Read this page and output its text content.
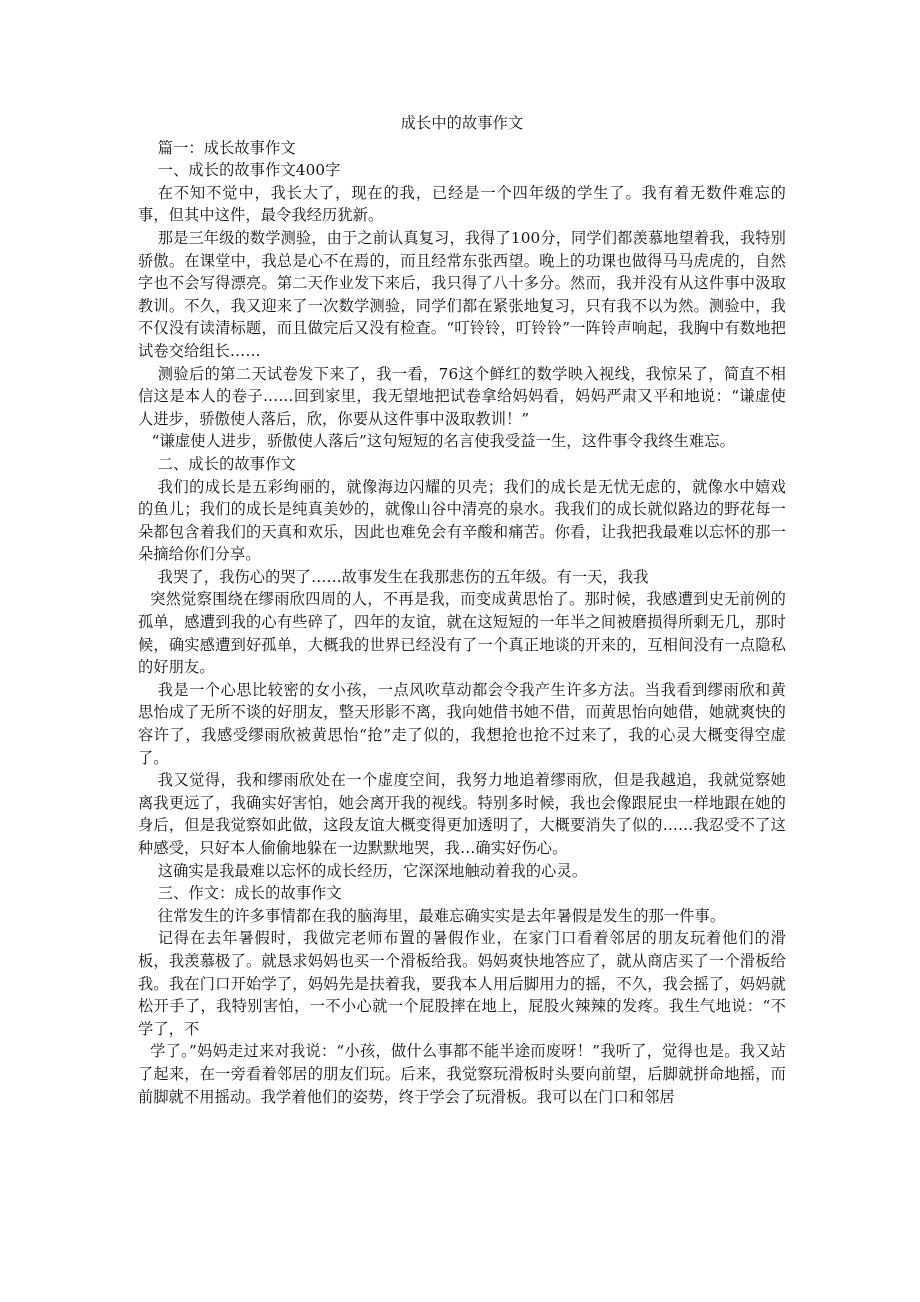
成长中的故事作文

篇一：成长故事作文

一、成长的故事作文400字

在不知不觉中，我长大了，现在的我，已经是一个四年级的学生了。我有着无数件难忘的事，但其中这件，最令我经历犹新。

那是三年级的数学测验，由于之前认真复习，我得了100分，同学们都羡慕地望着我，我特别骄傲。在课堂中，我总是心不在焉的，而且经常东张西望。晚上的功课也做得马马虎虎的，自然字也不会写得漂亮。第二天作业发下来后，我只得了八十多分。然而，我并没有从这件事中汲取教训。不久，我又迎来了一次数学测验，同学们都在紧张地复习，只有我不以为然。测验中，我不仅没有读清标题，而且做完后又没有检查。“叮铃铃，叮铃铃”一阵铃声响起，我胸中有数地把试卷交给组长……

测验后的第二天试卷发下来了，我一看，76这个鲜红的数学映入视线，我惊呆了，简直不相信这是本人的卷子……回到家里，我无望地把试卷拿给妈妈看，妈妈严肃又平和地说：“谦虚使人进步，骄傲使人落后，欣，你要从这件事中汲取教训！”

“谦虚使人进步，骄傲使人落后”这句短短的名言使我受益一生，这件事令我终生难忘。

二、成长的故事作文

我们的成长是五彩绚丽的，就像海边闪耀的贝壳；我们的成长是无忧无虑的，就像水中嬉戏的鱼儿；我们的成长是纯真美妙的，就像山谷中清亮的泉水。我我们的成长就似路边的野花每一朵都包含着我们的天真和欢乐，因此也难免会有辛酸和痛苦。你看，让我把我最难以忘怀的那一朵摘给你们分享。

我哭了，我伤心的哭了……故事发生在我那悲伤的五年级。有一天，我我

突然觉察围绕在缪雨欣四周的人，不再是我，而变成黄思怡了。那时候，我感遭到史无前例的孤单，感遭到我的心有些碎了，四年的友谊，就在这短短的一年半之间被磨损得所剩无几，那时候，确实感遭到好孤单，大概我的世界已经没有了一个真正地谈的开来的，互相间没有一点隐私的好朋友。

我是一个心思比较密的女小孩，一点风吹草动都会令我产生许多方法。当我看到缪雨欣和黄思怡成了无所不谈的好朋友，整天形影不离，我向她借书她不借，而黄思怡向她借，她就爽快的容许了，我感受缪雨欣被黄思怡“抢”走了似的，我想抢也抢不过来了，我的心灵大概变得空虚了。

我又觉得，我和缪雨欣处在一个虚度空间，我努力地追着缪雨欣，但是我越追，我就觉察她离我更远了，我确实好害怕，她会离开我的视线。特别多时候，我也会像跟屁虫一样地跟在她的身后，但是我觉察如此做，这段友谊大概变得更加透明了，大概要消失了似的……我忍受不了这种感受，只好本人偷偷地躲在一边默默地哭，我…确实好伤心。

这确实是我最难以忘怀的成长经历，它深深地触动着我的心灵。

三、作文：成长的故事作文

往常发生的许多事情都在我的脑海里，最难忘确实实是去年暑假是发生的那一件事。

记得在去年暑假时，我做完老师布置的暑假作业，在家门口看着邻居的朋友玩着他们的滑板，我羡慕极了。就恳求妈妈也买一个滑板给我。妈妈爽快地答应了，就从商店买了一个滑板给我。我在门口开始学了，妈妈先是扶着我，要我本人用后脚用力的摇，不久，我会摇了，妈妈就松开手了，我特别害怕，一不小心就一个屁股摔在地上，屁股火辣辣的发疼。我生气地说：“不学了，不

学了。”妈妈走过来对我说：“小孩，做什么事都不能半途而废呀！”我听了，觉得也是。我又站了起来，在一旁看着邻居的朋友们玩。后来，我觉察玩滑板时头要向前望，后脚就拼命地摇，而前脚就不用摇动。我学着他们的姿势，终于学会了玩滑板。我可以在门口和邻居
